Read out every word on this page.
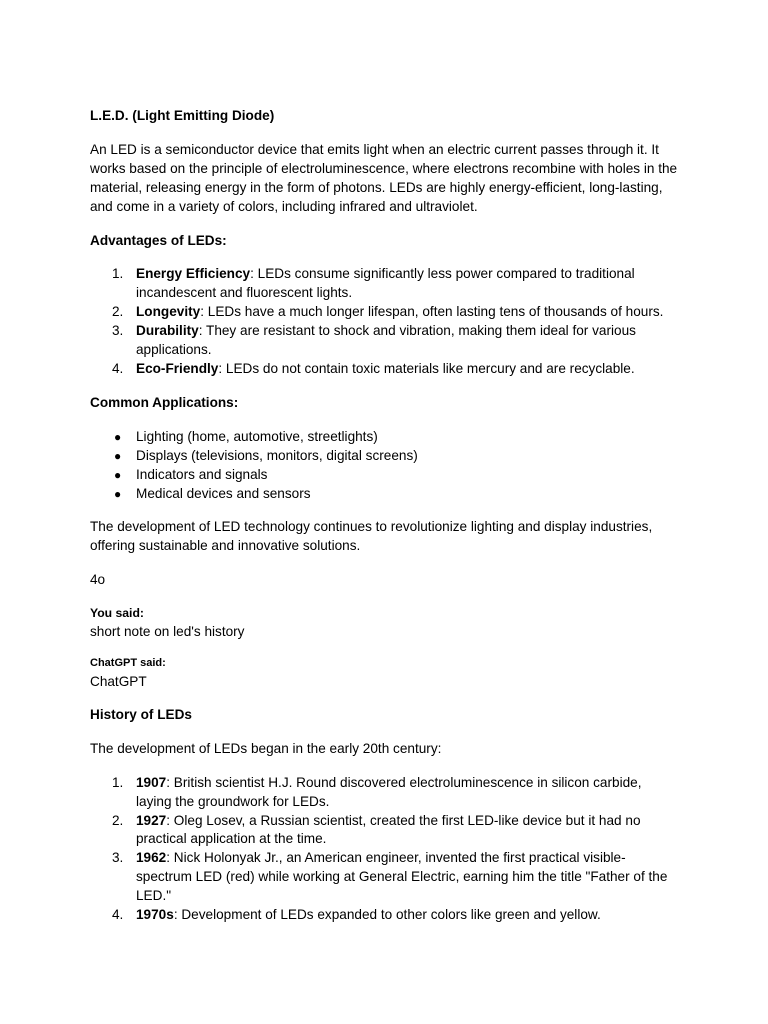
L.E.D. (Light Emitting Diode)

An LED is a semiconductor device that emits light when an electric current passes through it. It works based on the principle of electroluminescence, where electrons recombine with holes in the material, releasing energy in the form of photons. LEDs are highly energy-efficient, long-lasting, and come in a variety of colors, including infrared and ultraviolet.

Advantages of LEDs:

1. Energy Efficiency: LEDs consume significantly less power compared to traditional incandescent and fluorescent lights.
2. Longevity: LEDs have a much longer lifespan, often lasting tens of thousands of hours.
3. Durability: They are resistant to shock and vibration, making them ideal for various applications.
4. Eco-Friendly: LEDs do not contain toxic materials like mercury and are recyclable.

Common Applications:

● Lighting (home, automotive, streetlights)
● Displays (televisions, monitors, digital screens)
● Indicators and signals
● Medical devices and sensors

The development of LED technology continues to revolutionize lighting and display industries, offering sustainable and innovative solutions.

4o

You said:

short note on led's history

ChatGPT said:

ChatGPT

History of LEDs

The development of LEDs began in the early 20th century:

1. 1907: British scientist H.J. Round discovered electroluminescence in silicon carbide, laying the groundwork for LEDs.
2. 1927: Oleg Losev, a Russian scientist, created the first LED-like device but it had no practical application at the time.
3. 1962: Nick Holonyak Jr., an American engineer, invented the first practical visible-spectrum LED (red) while working at General Electric, earning him the title "Father of the LED."
4. 1970s: Development of LEDs expanded to other colors like green and yellow.
